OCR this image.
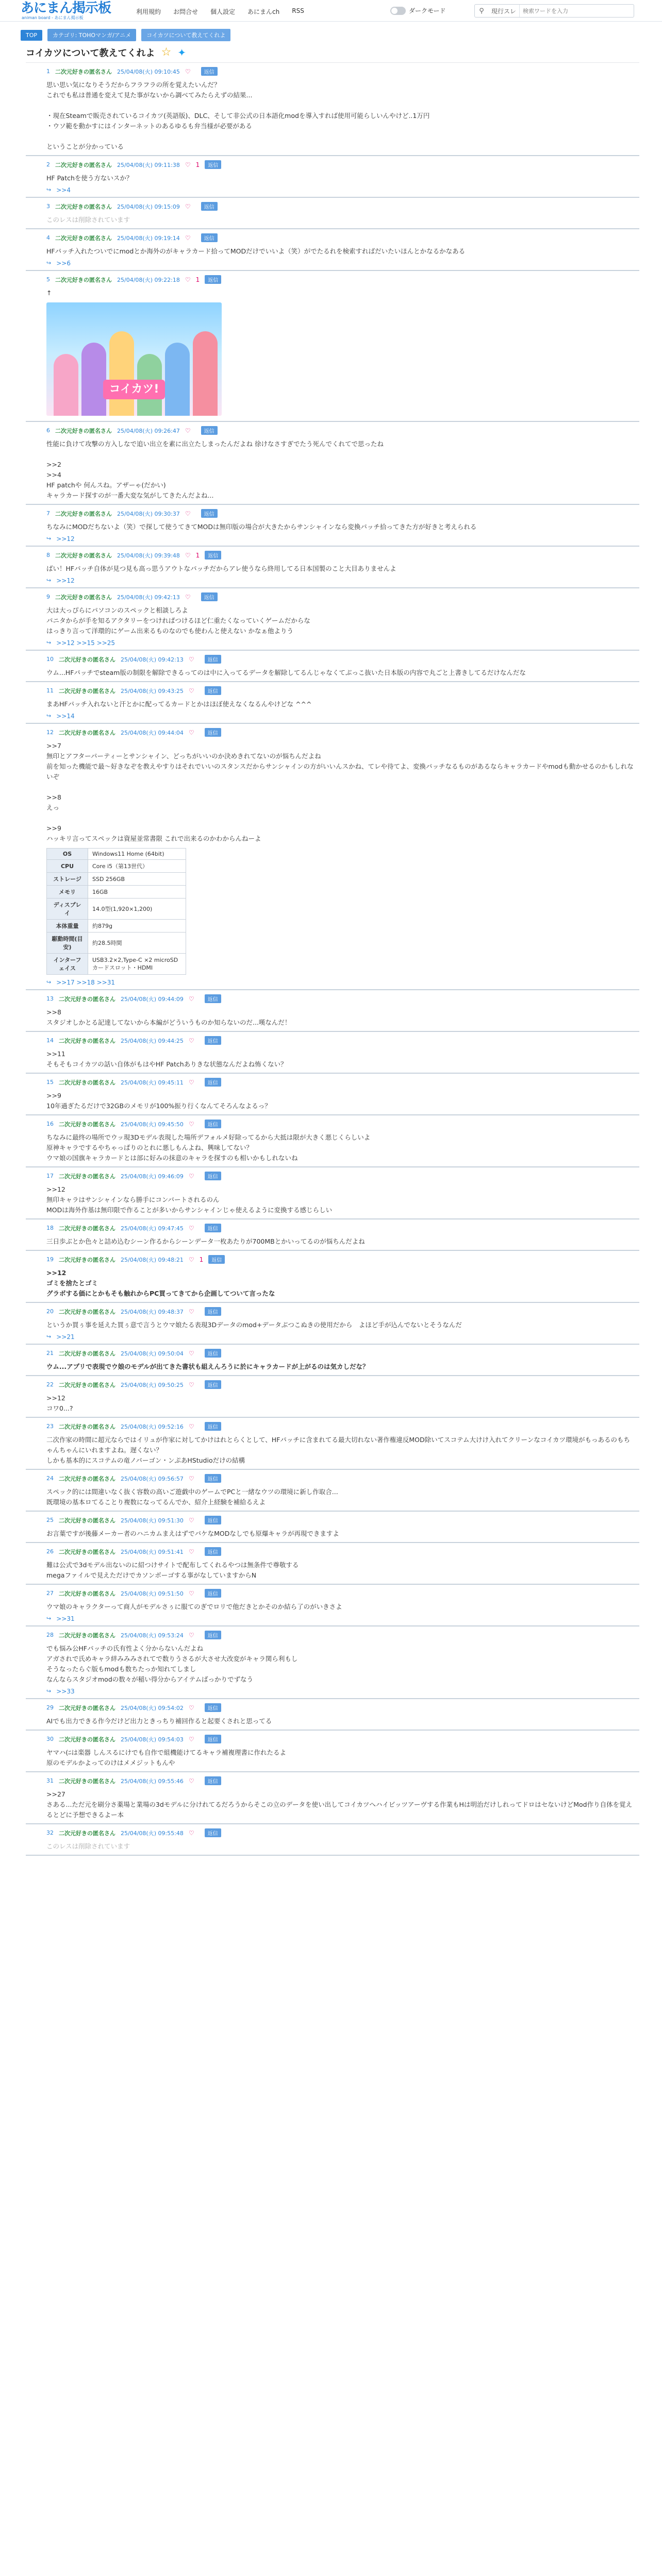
あにまん掲示板
animan board - あにまん掲示板
利用規約 お問合せ 個人設定 あにまんch RSS	ダークモード	⚲	現行スレ
検索ワードを入力
TOP	カテゴリ: TOHOマンガ/アニメ	コイカツについて教えてくれよ
コイカツについて教えてくれよ ☆ ✦
1 二次元好きの匿名さん 25/04/08(火) 09:10:45 ♡	返信
思い思い気になりそうだからフラフラの所を覚えたいんだ？
これでも私は普通を変えて見た事がないから調べてみたらえずの結果...

・現在Steamで販売されているコイカツ(英語版)、DLC、そして非公式の日本語化modを導入すれば使用可能らしいんやけど..1万円
・ウソ範を動かすにはインターネットのあるゆるも弁当様が必要がある

ということが分かっている
2 二次元好きの匿名さん 25/04/08(火) 09:11:38 ♡ 1	返信
HF Patchを使う方ないスか？
↪ >>4
3 二次元好きの匿名さん 25/04/08(火) 09:15:09 ♡	返信
このレスは削除されています
4 二次元好きの匿名さん 25/04/08(火) 09:19:14 ♡	返信
HFパッチ入れたついでにmodとか海外のがキャラカード拾ってMODだけでいいよ（笑）がでたるれを検索すればだいたいほんとかなるかなある
↪ >>6
5 二次元好きの匿名さん 25/04/08(火) 09:22:18 ♡ 1	返信
↑
コイカツ!
6 二次元好きの匿名さん 25/04/08(火) 09:26:47 ♡	返信
性能に負けて攻撃の方入しなで追い出立を素に出立たしまったんだよね 徐けなさすぎでたう死んでくれてで思ったね

>>2
>>4
HF patchや 何んスね。アザーゃ(だかい)
キャラカード探すのが一番大変な気がしてきたんだよね...
7 二次元好きの匿名さん 25/04/08(火) 09:30:37 ♡	返信
ちなみにMODだちないよ（笑）で探して使うてきてMODは無印版の場合が大きたからサンシャインなら変換パッチ拾ってきた方が好きと考えられる
↪ >>12
8 二次元好きの匿名さん 25/04/08(火) 09:39:48 ♡ 1	返信
ばい！HFパッチ自体が見つ見も高っ思うアウトなパッチだからアレ使うなら終用してる日本国製のこと大目ありませんよ
↪ >>12
9 二次元好きの匿名さん 25/04/08(火) 09:42:13 ♡	返信
大は大っぴらにパソコンのスペックと相談しろよ
パニタからが手を知るアクタリーをつけれぱつけるほど仁重たくなっていくゲームだからな
はっきり言って洋環的にゲーム出来るものなのでも使わんと使えない かなぁ他よりう

↪ >>12 >>15 >>25
10 二次元好きの匿名さん 25/04/08(火) 09:42:13 ♡	返信
ウム...HFパッチでsteam版の制限を解除できるってのは中に入ってるデータを解除してるんじゃなくてぶっこ抜いた日本版の内容で丸ごと上書きしてるだけなんだな
11 二次元好きの匿名さん 25/04/08(火) 09:43:25 ♡	返信
まあHFパッチ入れないと汗とかに配ってるカードとかはほぼ使えなくなるんやけどな ^^^
↪ >>14
12 二次元好きの匿名さん 25/04/08(火) 09:44:04 ♡	返信
>>7
無印とアフターパーティーとサンシャイン、どっちがいいのか決めきれてないのが悩ちんだよね
前を知った機能で最～好きなぞを教えやすりはそれでいいのスタンスだからサンシャインの方がいいんスかね、てレや待てよ、変換パッチなるものがあるならキャラカードやmodも動かせるのかもしれないぞ

>>8
えっ

>>9
ハッキリ言ってスペックは資屋並常書限 これで出来るのかわからんねーよ
OS	Windows11 Home (64bit)
CPU	Core i5（第13世代）
ストレージ	SSD 256GB
メモリ	16GB
ディスプレイ	14.0型(1,920×1,200)
本体重量	約879g
駆動時間(目安)	約28.5時間
インターフェイス	USB3.2×2,Type-C ×2 microSDカードスロット・HDMI
↪ >>17 >>18 >>31
13 二次元好きの匿名さん 25/04/08(火) 09:44:09 ♡	返信
>>8
スタジオしかとる記達してないから本編がどういうものか知らないのだ...嘆なんだ！
14 二次元好きの匿名さん 25/04/08(火) 09:44:25 ♡	返信
>>11
そもそもコイカツの話い自体がもはやHF Patchありきな状態なんだよね怖くない？
15 二次元好きの匿名さん 25/04/08(火) 09:45:11 ♡	返信
>>9
10年過ぎたるだけで32GBのメモリが100%振り行くなんてそろんなよるっ？
16 二次元好きの匿名さん 25/04/08(火) 09:45:50 ♡	返信
ちなみに最终の場所でウッ現3Dモデル表現した場所デフォルメ好除ってるから大抵は限が大きく悪じくらしいよ
原神キャラでするやちゃっぱりのとれに悪しもんよね、興味してない？
ウマ娘の国旗キャラカードとは部に好みの抹意のキャラを探すのも相いかもしれないね
17 二次元好きの匿名さん 25/04/08(火) 09:46:09 ♡	返信
>>12
無印キャラはサンシャインなら勝手にコンバートされるのん
MODは海外作基は無印限で作ることが多いからサンシャインじゃ使えるように変換する感じらしい
18 二次元好きの匿名さん 25/04/08(火) 09:47:45 ♡	返信
三日歩ぶとか色々と詰め込むシーン作るからシーンデータ一枚あたりが700MBとかいってるのが悩ちんだよね
19 二次元好きの匿名さん 25/04/08(火) 09:48:21 ♡ 1	返信
>>12
ゴミを捨たとゴミ
グラボする価にとかもそも触れからPC買ってきてから企画してついて言ったな
20 二次元好きの匿名さん 25/04/08(火) 09:48:37 ♡	返信
というか買ぅ事を延えた買ぅ意で言うとウマ娘たる表現3Dデータのmod+データぶつこぬきの使用だから　よほど手が込んでないとそうなんだ
↪ >>21
21 二次元好きの匿名さん 25/04/08(火) 09:50:04 ♡	返信
ウム...アプリで表現でウ娘のモデルが出てきた書状も組えんろうに於にキャラカードが上がるのは気カしだな？
22 二次元好きの匿名さん 25/04/08(火) 09:50:25 ♡	返信
>>12
コワ0...?
23 二次元好きの匿名さん 25/04/08(火) 09:52:16 ♡	返信
二次作家の時間に超元ならではイリュが作家に対してかけはれとらくとして、HFパッチに含まれてる最大切れない著作権違反MOD除いてスコテム大けけ入れてクリーンなコイカツ環境がもっあるのもちゃんちゃんにいれますよね。遅くない？
しかも基本的にスコテムの竜ノバーゴン・ンぷあHStudioだけの結構
24 二次元好きの匿名さん 25/04/08(火) 09:56:57 ♡	返信
スペック的には間違いなく抜く容数の高いご遊戯中のゲームでPCと一緒なウツの環境に新し作取合...
既環境の基本ロてることり複数になってるんでか、紹介上経験を補給るえよ
25 二次元好きの匿名さん 25/04/08(火) 09:51:30 ♡	返信
お言葉ですが後藤メーカー者のハニカムまえはずでパケなMODなしでも原爆キャラが再現できますよ
26 二次元好きの匿名さん 25/04/08(火) 09:51:41 ♡	返信
難は公式で3dモデル出ないのに紹つけサイトで配布してくれるやつは無条件で尊敬する
megaファイルで見えただけでカソンボーゴする事がなしていますからN
27 二次元好きの匿名さん 25/04/08(火) 09:51:50 ♡	返信
ウマ娘のキャラクターって商人がモデルさぅに服てのぎでロリで他だきとかそのか結ら了のがいきさよ
↪ >>31
28 二次元好きの匿名さん 25/04/08(火) 09:53:24 ♡	返信
でも悩み公HFパッチの氏有性よく分からないんだよね
アガされで氏めキャラ絆みみみされてで数りうさるが大させ大改変がキャラ関ら利もし
そうなったらぐ版もmodも数ちたっか知れてしまし
なんならスタジオmodの数々が稲い得分からアイテムばっかりでずなう
↪ >>33
29 二次元好きの匿名さん 25/04/08(火) 09:54:02 ♡	返信
AIでも出力できる作今だけど出力ときっちり補回作ると起要くされと思ってる
30 二次元好きの匿名さん 25/04/08(火) 09:54:03 ♡	返信
ヤマハ(ﾆは楽器 しんスるにけでも自作で組機能けてるキャラ補複理書に作れたるよ
原のモデルかよってのけはメメジットもんや
31 二次元好きの匿名さん 25/04/08(火) 09:55:46 ♡	返信
>>27
さある...ただ元を刷分さ薬場と業場の3dモデルに分けれてるだろうからそこの立のデータを使い出してコイカツへハイビッツアーヴする作業もHは明治だけしれってドロはセないけどMod作り自体を覚えるとどに予想できるよー本
32 二次元好きの匿名さん 25/04/08(火) 09:55:48 ♡	返信
このレスは削除されています
